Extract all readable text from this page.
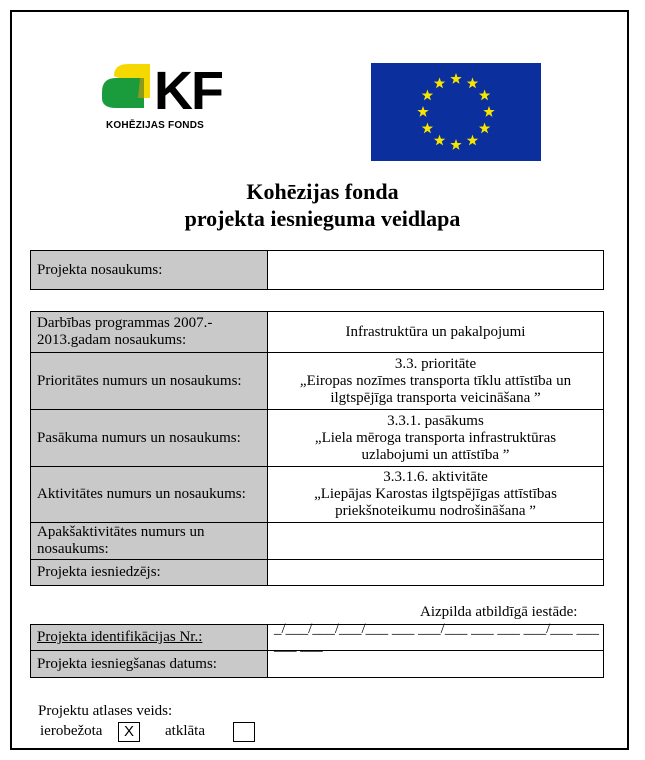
KF
KOHĒZIJAS FONDS
Kohēzijas fonda
projekta iesnieguma veidlapa
Projekta nosaukums:
Darbības programmas 2007.- 2013.gadam nosaukums:
Infrastruktūra un pakalpojumi
Prioritātes numurs un nosaukums:
3.3. prioritāte
„Eiropas nozīmes transporta tīklu attīstība un
ilgtspējīga transporta veicināšana ”
Pasākuma numurs un nosaukums:
3.3.1. pasākums
„Liela mēroga transporta infrastruktūras
uzlabojumi un attīstība ”
Aktivitātes numurs un nosaukums:
3.3.1.6. aktivitāte
„Liepājas Karostas ilgtspējīgas attīstības
priekšnoteikumu nodrošināšana ”
Apakšaktivitātes numurs un nosaukums:
Projekta iesniedzējs:
Aizpilda atbildīgā iestāde:
Projekta identifikācijas Nr.:
_/___/___/___/___ ___ ___/___ ___ ___ ___/___ ___ ___ ___
Projekta iesniegšanas datums:
Projektu atlases veids:
ierobežota	X	atklāta
